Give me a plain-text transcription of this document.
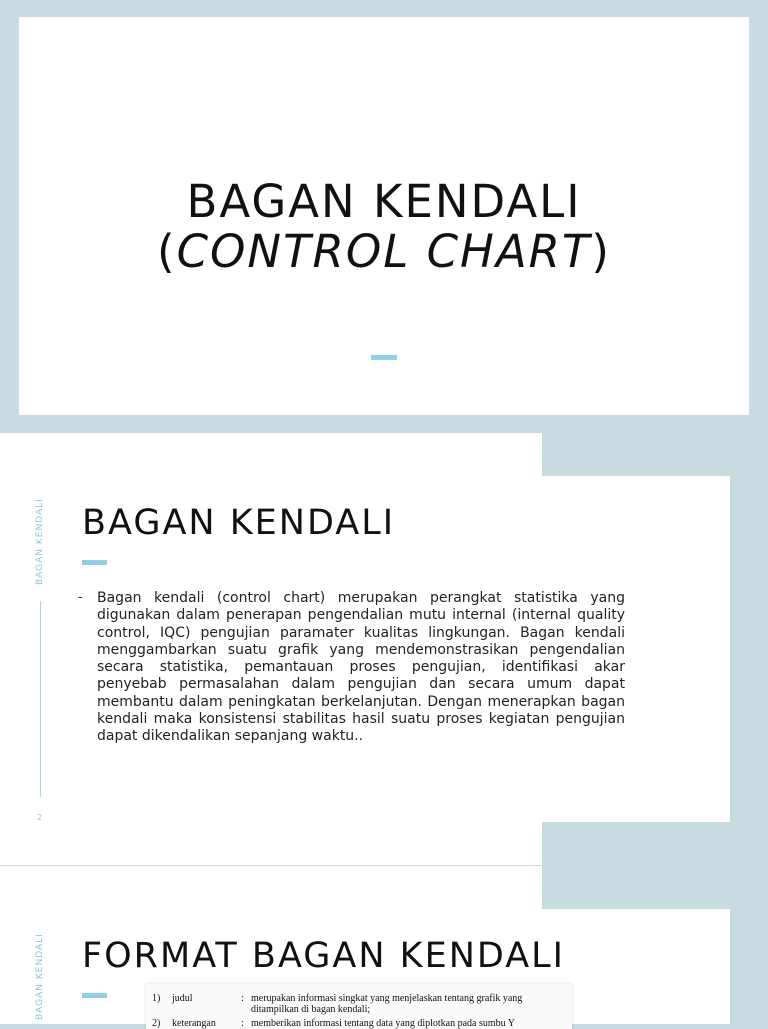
BAGAN KENDALI
(CONTROL CHART)
BAGAN KENDALI
2
BAGAN KENDALI
- Bagan kendali (control chart) merupakan perangkat statistika yang digunakan dalam penerapan pengendalian mutu internal (internal quality control, IQC) pengujian paramater kualitas lingkungan. Bagan kendali menggambarkan suatu grafik yang mendemonstrasikan pengendalian secara statistika, pemantauan proses pengujian, identifikasi akar penyebab permasalahan dalam pengujian dan secara umum dapat membantu dalam peningkatan berkelanjutan. Dengan menerapkan bagan kendali maka konsistensi stabilitas hasil suatu proses kegiatan pengujian dapat dikendalikan sepanjang waktu..
BAGAN KENDALI FORMAT BAGAN KENDALI
1) judul	: merupakan informasi singkat yang menjelaskan tentang grafik yang ditampilkan di bagan kendali;
2) keterangan	: memberikan informasi tentang data yang diplotkan pada sumbu Y
